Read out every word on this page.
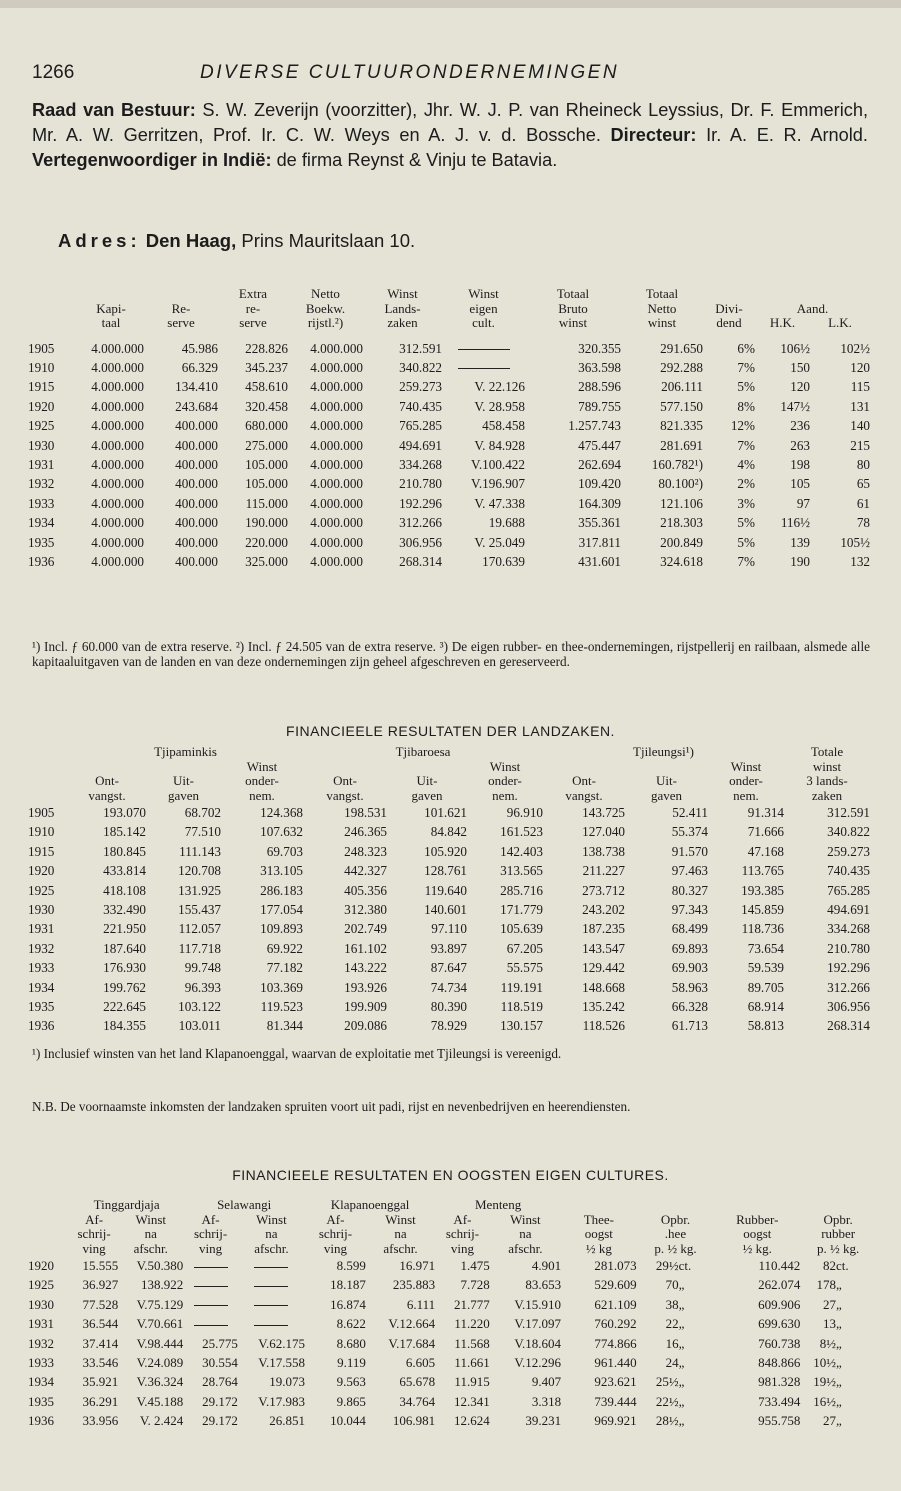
1266	DIVERSE CULTUURONDERNEMINGEN
Raad van Bestuur: S. W. Zeverijn (voorzitter), Jhr. W. J. P. van Rheineck Leyssius, Dr. F. Emmerich, Mr. A. W. Gerritzen, Prof. Ir. C. W. Weys en A. J. v. d. Bossche. Directeur: Ir. A. E. R. Arnold. Vertegenwoordiger in Indië: de firma Reynst & Vinju te Batavia.
Adres: Den Haag, Prins Mauritslaan 10.
			Extra	Netto	Winst	Winst	Totaal	Totaal			
	Kapi-	Re-	re-	Boekw.	Lands-	eigen	Bruto	Netto	Divi-	Aand.	
	taal	serve	serve	rijstl.²)	zaken	cult.	winst	winst	dend	H.K.	L.K.

1905	4.000.000	45.986	228.826	4.000.000	312.591		320.355	291.650	6%	106½	102½
1910	4.000.000	66.329	345.237	4.000.000	340.822		363.598	292.288	7%	150	120
1915	4.000.000	134.410	458.610	4.000.000	259.273	V. 22.126	288.596	206.111	5%	120	115
1920	4.000.000	243.684	320.458	4.000.000	740.435	V. 28.958	789.755	577.150	8%	147½	131
1925	4.000.000	400.000	680.000	4.000.000	765.285	458.458	1.257.743	821.335	12%	236	140
1930	4.000.000	400.000	275.000	4.000.000	494.691	V. 84.928	475.447	281.691	7%	263	215
1931	4.000.000	400.000	105.000	4.000.000	334.268	V.100.422	262.694	160.782¹)	4%	198	80
1932	4.000.000	400.000	105.000	4.000.000	210.780	V.196.907	109.420	80.100²)	2%	105	65
1933	4.000.000	400.000	115.000	4.000.000	192.296	V. 47.338	164.309	121.106	3%	97	61
1934	4.000.000	400.000	190.000	4.000.000	312.266	19.688	355.361	218.303	5%	116½	78
1935	4.000.000	400.000	220.000	4.000.000	306.956	V. 25.049	317.811	200.849	5%	139	105½
1936	4.000.000	400.000	325.000	4.000.000	268.314	170.639	431.601	324.618	7%	190	132
¹) Incl. ƒ 60.000 van de extra reserve. ²) Incl. ƒ 24.505 van de extra reserve. ³) De eigen rubber- en thee-ondernemingen, rijstpellerij en railbaan, alsmede alle kapitaaluitgaven van de landen en van deze ondernemingen zijn geheel afgeschreven en gereserveerd.
FINANCIEELE RESULTATEN DER LANDZAKEN.
	Tjipaminkis			Tjibaroesa			Tjileungsi¹)			Totale
			Winst			Winst			Winst	winst
	Ont-	Uit-	onder-	Ont-	Uit-	onder-	Ont-	Uit-	onder-	3 lands-
	vangst.	gaven	nem.	vangst.	gaven	nem.	vangst.	gaven	nem.	zaken
1905	193.070	68.702	124.368	198.531	101.621	96.910	143.725	52.411	91.314	312.591
1910	185.142	77.510	107.632	246.365	84.842	161.523	127.040	55.374	71.666	340.822
1915	180.845	111.143	69.703	248.323	105.920	142.403	138.738	91.570	47.168	259.273
1920	433.814	120.708	313.105	442.327	128.761	313.565	211.227	97.463	113.765	740.435
1925	418.108	131.925	286.183	405.356	119.640	285.716	273.712	80.327	193.385	765.285
1930	332.490	155.437	177.054	312.380	140.601	171.779	243.202	97.343	145.859	494.691
1931	221.950	112.057	109.893	202.749	97.110	105.639	187.235	68.499	118.736	334.268
1932	187.640	117.718	69.922	161.102	93.897	67.205	143.547	69.893	73.654	210.780
1933	176.930	99.748	77.182	143.222	87.647	55.575	129.442	69.903	59.539	192.296
1934	199.762	96.393	103.369	193.926	74.734	119.191	148.668	58.963	89.705	312.266
1935	222.645	103.122	119.523	199.909	80.390	118.519	135.242	66.328	68.914	306.956
1936	184.355	103.011	81.344	209.086	78.929	130.157	118.526	61.713	58.813	268.314
¹) Inclusief winsten van het land Klapanoenggal, waarvan de exploitatie met Tjileungsi is vereenigd.
N.B. De voornaamste inkomsten der landzaken spruiten voort uit padi, rijst en nevenbedrijven en heerendiensten.
FINANCIEELE RESULTATEN EN OOGSTEN EIGEN CULTURES.
	Tinggardjaja		Selawangi		Klapanoenggal		Menteng							
	Af-	Winst	Af-	Winst	Af-	Winst	Af-	Winst	Thee-	Opbr.		Rubber-	Opbr.	
	schrij-	na	schrij-	na	schrij-	na	schrij-	na	oogst	.hee		oogst	rubber	
	ving	afschr.	ving	afschr.	ving	afschr.	ving	afschr.	½ kg	p. ½ kg.		½ kg.	p. ½ kg.	
1920	15.555	V.50.380			8.599	16.971	1.475	4.901	281.073	29½	ct.	110.442	82	ct.
1925	36.927	138.922			18.187	235.883	7.728	83.653	529.609	70	„	262.074	178	„
1930	77.528	V.75.129			16.874	6.111	21.777	V.15.910	621.109	38	„	609.906	27	„
1931	36.544	V.70.661			8.622	V.12.664	11.220	V.17.097	760.292	22	„	699.630	13	„
1932	37.414	V.98.444	25.775	V.62.175	8.680	V.17.684	11.568	V.18.604	774.866	16	„	760.738	8½	„
1933	33.546	V.24.089	30.554	V.17.558	9.119	6.605	11.661	V.12.296	961.440	24	„	848.866	10½	„
1934	35.921	V.36.324	28.764	19.073	9.563	65.678	11.915	9.407	923.621	25½	„	981.328	19½	„
1935	36.291	V.45.188	29.172	V.17.983	9.865	34.764	12.341	3.318	739.444	22½	„	733.494	16½	„
1936	33.956	V. 2.424	29.172	26.851	10.044	106.981	12.624	39.231	969.921	28½	„	955.758	27	„
